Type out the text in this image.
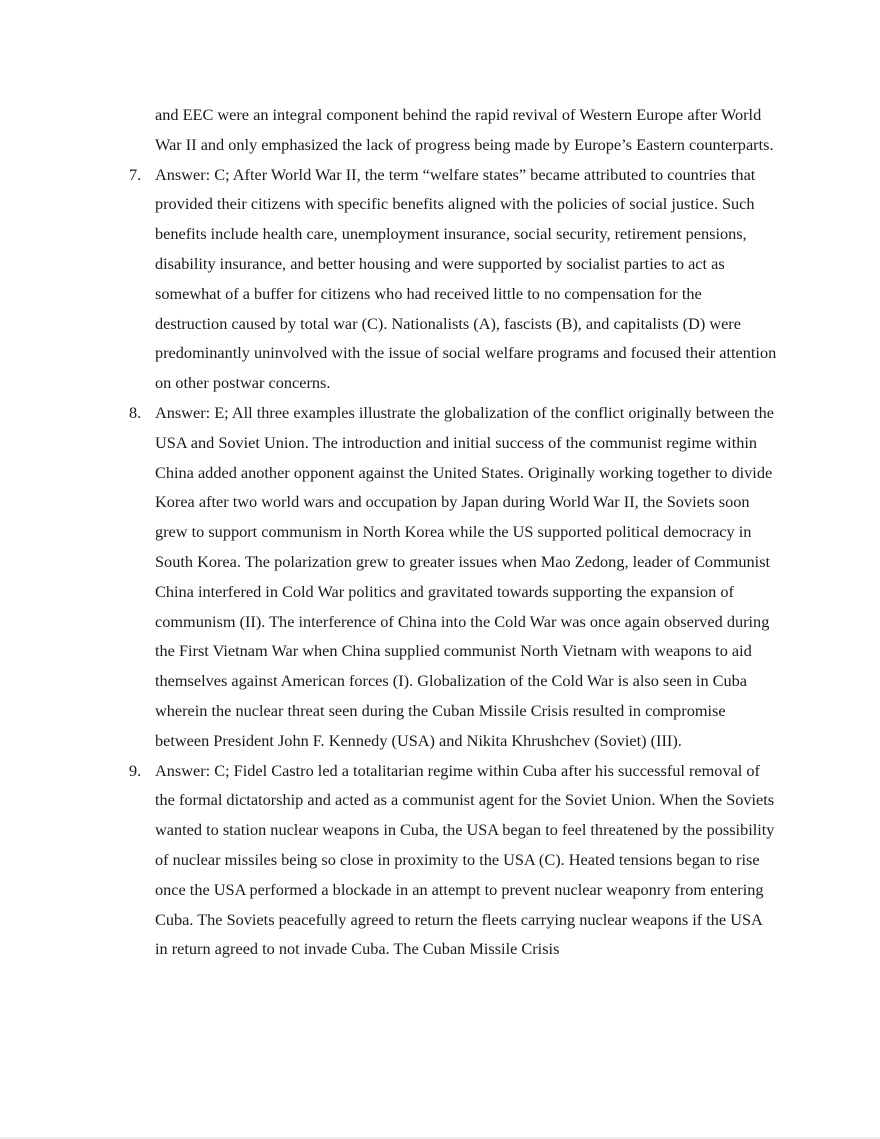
and EEC were an integral component behind the rapid revival of Western Europe after World War II and only emphasized the lack of progress being made by Europe’s Eastern counterparts.

7. Answer: C; After World War II, the term “welfare states” became attributed to countries that provided their citizens with specific benefits aligned with the policies of social justice. Such benefits include health care, unemployment insurance, social security, retirement pensions, disability insurance, and better housing and were supported by socialist parties to act as somewhat of a buffer for citizens who had received little to no compensation for the destruction caused by total war (C). Nationalists (A), fascists (B), and capitalists (D) were predominantly uninvolved with the issue of social welfare programs and focused their attention on other postwar concerns.
8. Answer: E; All three examples illustrate the globalization of the conflict originally between the USA and Soviet Union. The introduction and initial success of the communist regime within China added another opponent against the United States. Originally working together to divide Korea after two world wars and occupation by Japan during World War II, the Soviets soon grew to support communism in North Korea while the US supported political democracy in South Korea. The polarization grew to greater issues when Mao Zedong, leader of Communist China interfered in Cold War politics and gravitated towards supporting the expansion of communism (II). The interference of China into the Cold War was once again observed during the First Vietnam War when China supplied communist North Vietnam with weapons to aid themselves against American forces (I). Globalization of the Cold War is also seen in Cuba wherein the nuclear threat seen during the Cuban Missile Crisis resulted in compromise between President John F. Kennedy (USA) and Nikita Khrushchev (Soviet) (III).
9. Answer: C; Fidel Castro led a totalitarian regime within Cuba after his successful removal of the formal dictatorship and acted as a communist agent for the Soviet Union. When the Soviets wanted to station nuclear weapons in Cuba, the USA began to feel threatened by the possibility of nuclear missiles being so close in proximity to the USA (C). Heated tensions began to rise once the USA performed a blockade in an attempt to prevent nuclear weaponry from entering Cuba. The Soviets peacefully agreed to return the fleets carrying nuclear weapons if the USA in return agreed to not invade Cuba. The Cuban Missile Crisis
